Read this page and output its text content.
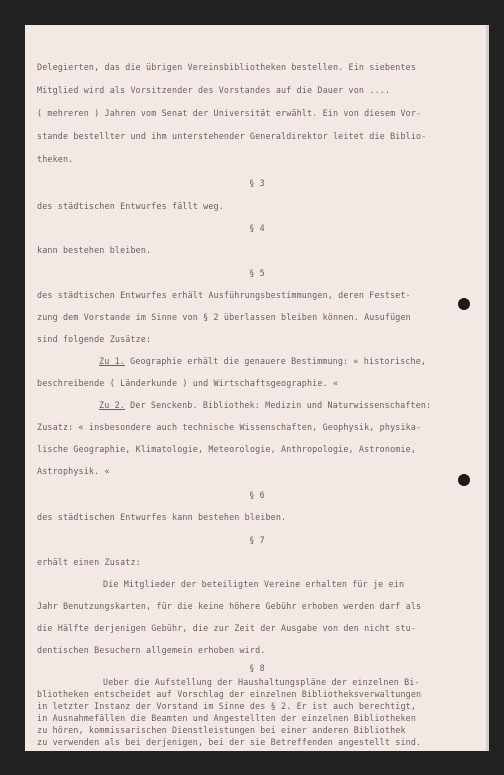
Delegierten, das die übrigen Vereinsbibliotheken bestellen. Ein siebentes
Mitglied wird als Vorsitzender des Vorstandes auf die Dauer von ....
( mehreren ) Jahren vom Senat der Universität erwählt. Ein von diesem Vor-
stande bestellter und ihm unterstehender Generaldirektor leitet die Biblio-
theken.
§ 3
des städtischen Entwurfes fällt weg.
§ 4
kann bestehen bleiben.
§ 5
des städtischen Entwurfes erhält Ausführungsbestimmungen, deren Festset-
zung dem Vorstande im Sinne von § 2 überlassen bleiben können. Ausufügen
sind folgende Zusätze:
Zu 1. Geographie erhält die genauere Bestimmung: « historische,
beschreibende ( Länderkunde ) und Wirtschaftsgeographie. «
Zu 2. Der Senckenb. Bibliothek: Medizin und Naturwissenschaften:
Zusatz: « insbesondere auch technische Wissenschaften, Geophysik, physika-
lische Geographie, Klimatologie, Meteorologie, Anthropologie, Astronomie,
Astrophysik. «
§ 6
des städtischen Entwurfes kann bestehen bleiben.
§ 7
erhält einen Zusatz:
Die Mitglieder der beteiligten Vereine erhalten für je ein
Jahr Benutzungskarten, für die keine höhere Gebühr erhoben werden darf als
die Hälfte derjenigen Gebühr, die zur Zeit der Ausgabe von den nicht stu-
dentischen Besuchern allgemein erhoben wird.
§ 8
Ueber die Aufstellung der Haushaltungspläne der einzelnen Bi-
bliotheken entscheidet auf Vorschlag der einzelnen Bibliotheksverwaltungen
in letzter Instanz der Vorstand im Sinne des § 2. Er ist auch berechtigt,
in Ausnahmefällen die Beamten und Angestellten der einzelnen Bibliotheken
zu hören, kommissarischen Dienstleistungen bei einer anderen Bibliothek
zu verwenden als bei derjenigen, bei der sie Betreffenden angestellt sind.
